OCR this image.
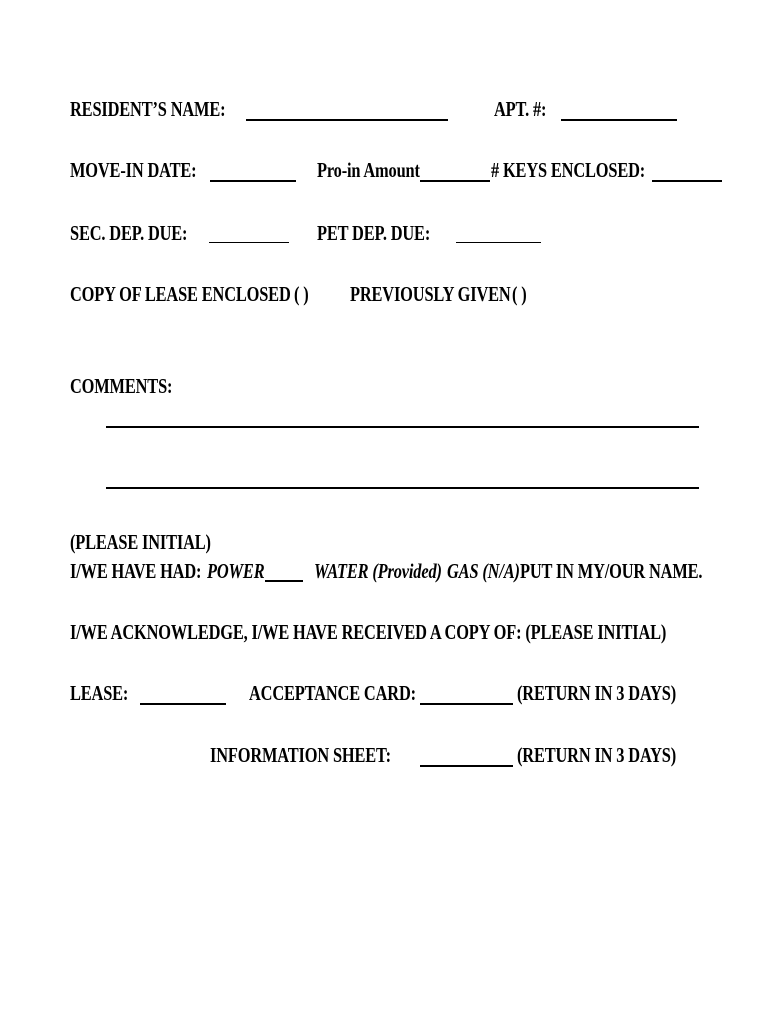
RESIDENT’S NAME:	APT. #:
MOVE-IN DATE:	Pro-in Amount	# KEYS ENCLOSED:
SEC. DEP. DUE:	PET DEP. DUE:
COPY OF LEASE ENCLOSED ( ) PREVIOUSLY GIVEN ( )
COMMENTS:
(PLEASE INITIAL)
I/WE HAVE HAD: POWER WATER (Provided) GAS (N/A) PUT IN MY/OUR NAME.
I/WE ACKNOWLEDGE, I/WE HAVE RECEIVED A COPY OF: (PLEASE INITIAL)
LEASE:	ACCEPTANCE CARD:	(RETURN IN 3 DAYS)
INFORMATION SHEET:	(RETURN IN 3 DAYS)
